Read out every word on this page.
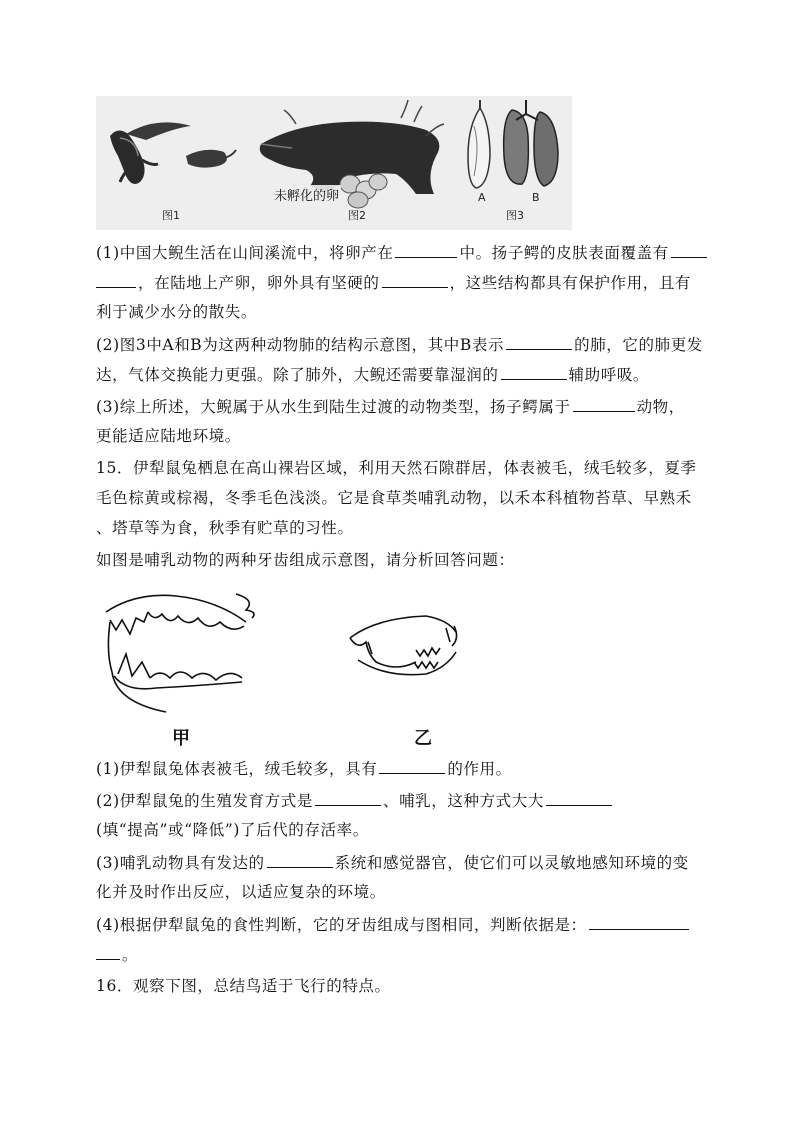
图1
未孵化的卵
图2
A	B
图3
(1)中国大鲵生活在山间溪流中，将卵产在	中。扬子鳄的皮肤表面覆盖有
，在陆地上产卵，卵外具有坚硬的	，这些结构都具有保护作用，且有
利于减少水分的散失。
(2)图3中A和B为这两种动物肺的结构示意图，其中B表示	的肺，它的肺更发
达，气体交换能力更强。除了肺外，大鲵还需要靠湿润的	辅助呼吸。
(3)综上所述，大鲵属于从水生到陆生过渡的动物类型，扬子鳄属于	动物，
更能适应陆地环境。
15．伊犁鼠兔栖息在高山裸岩区域，利用天然石隙群居，体表被毛，绒毛较多，夏季
毛色棕黄或棕褐，冬季毛色浅淡。它是食草类哺乳动物，以禾本科植物苔草、早熟禾
、塔草等为食，秋季有贮草的习性。
如图是哺乳动物的两种牙齿组成示意图，请分析回答问题：
甲	乙
(1)伊犁鼠兔体表被毛，绒毛较多，具有	的作用。
(2)伊犁鼠兔的生殖发育方式是	、哺乳，这种方式大大
(填“提高”或“降低”)了后代的存活率。
(3)哺乳动物具有发达的	系统和感觉器官，使它们可以灵敏地感知环境的变
化并及时作出反应，以适应复杂的环境。
(4)根据伊犁鼠兔的食性判断，它的牙齿组成与图相同，判断依据是：
。
16．观察下图，总结鸟适于飞行的特点。
